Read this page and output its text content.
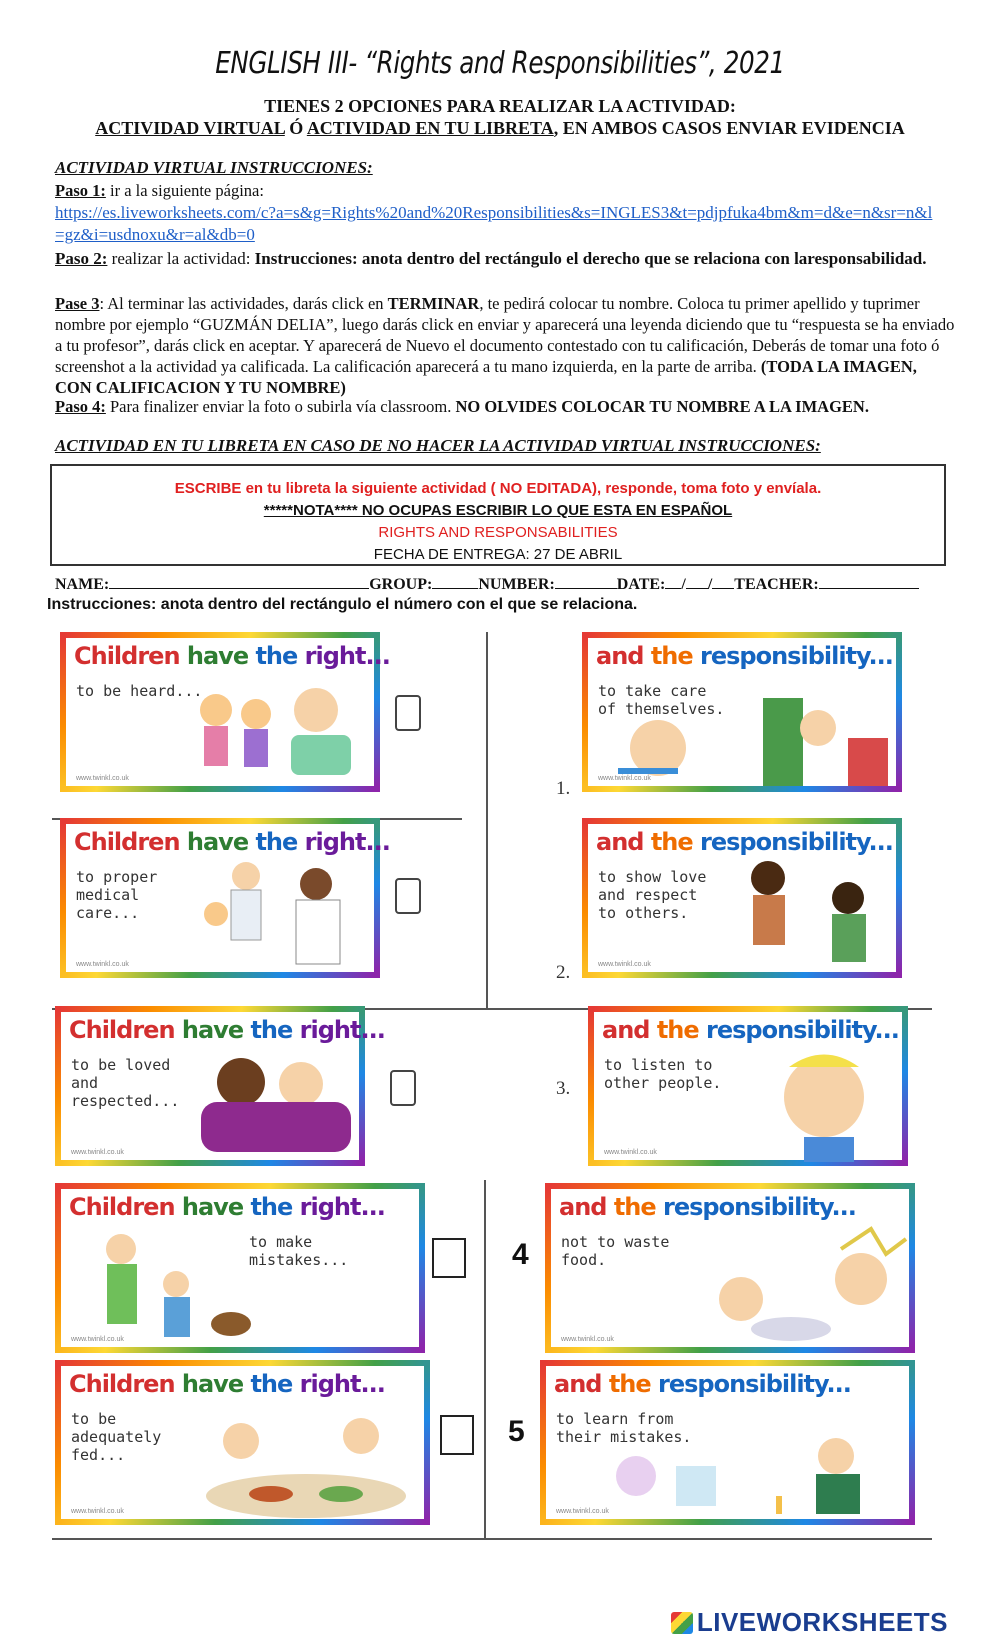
ENGLISH III- “Rights and Responsibilities”, 2021
TIENES 2 OPCIONES PARA REALIZAR LA ACTIVIDAD:
ACTIVIDAD VIRTUAL Ó ACTIVIDAD EN TU LIBRETA, EN AMBOS CASOS ENVIAR EVIDENCIA
ACTIVIDAD VIRTUAL INSTRUCCIONES:
Paso 1: ir a la siguiente página:
https://es.liveworksheets.com/c?a=s&g=Rights%20and%20Responsibilities&s=INGLES3&t=pdjpfuka4bm&m=d&e=n&sr=n&l=gz&i=usdnoxu&r=al&db=0
Paso 2: realizar la actividad: Instrucciones: anota dentro del rectángulo el derecho que se relaciona con laresponsabilidad.
Pase 3: Al terminar las actividades, darás click en TERMINAR, te pedirá colocar tu nombre. Coloca tu primer apellido y tuprimer nombre por ejemplo “GUZMÁN DELIA”, luego darás click en enviar y aparecerá una leyenda diciendo que tu “respuesta se ha enviado a tu profesor”, darás click en aceptar. Y aparecerá de Nuevo el documento contestado con tu calificación, Deberás de tomar una foto ó screenshot a la actividad ya calificada. La calificación aparecerá a tu mano izquierda, en la parte de arriba. (TODA LA IMAGEN, CON CALIFICACION Y TU NOMBRE)
Paso 4: Para finalizer enviar la foto o subirla vía classroom. NO OLVIDES COLOCAR TU NOMBRE A LA IMAGEN.
ACTIVIDAD EN TU LIBRETA EN CASO DE NO HACER LA ACTIVIDAD VIRTUAL INSTRUCCIONES:
ESCRIBE en tu libreta la siguiente actividad ( NO EDITADA), responde, toma foto y envíala.
*****NOTA**** NO OCUPAS ESCRIBIR LO QUE ESTA EN ESPAÑOL
RIGHTS AND RESPONSABILITIES
FECHA DE ENTREGA: 27 DE ABRIL
NAME:	GROUP:	NUMBER:	DATE: / / TEACHER:
Instrucciones: anota dentro del rectángulo el número con el que se relaciona.
Children have the right...
to be heard...
www.twinkl.co.uk
Children have the right...
to proper
medical
care...
www.twinkl.co.uk
Children have the right...
to be loved
and
respected...
www.twinkl.co.uk
Children have the right...
to make
mistakes...
www.twinkl.co.uk
Children have the right...
to be
adequately
fed...
www.twinkl.co.uk
and the responsibility...
to take care
of themselves.
www.twinkl.co.uk
1.
and the responsibility...
to show love
and respect
to others.
www.twinkl.co.uk
2.
and the responsibility...
to listen to
other people.
www.twinkl.co.uk
3.
and the responsibility...
not to waste
food.
www.twinkl.co.uk
4
and the responsibility...
to learn from
their mistakes.
www.twinkl.co.uk
5
LIVEWORKSHEETS
